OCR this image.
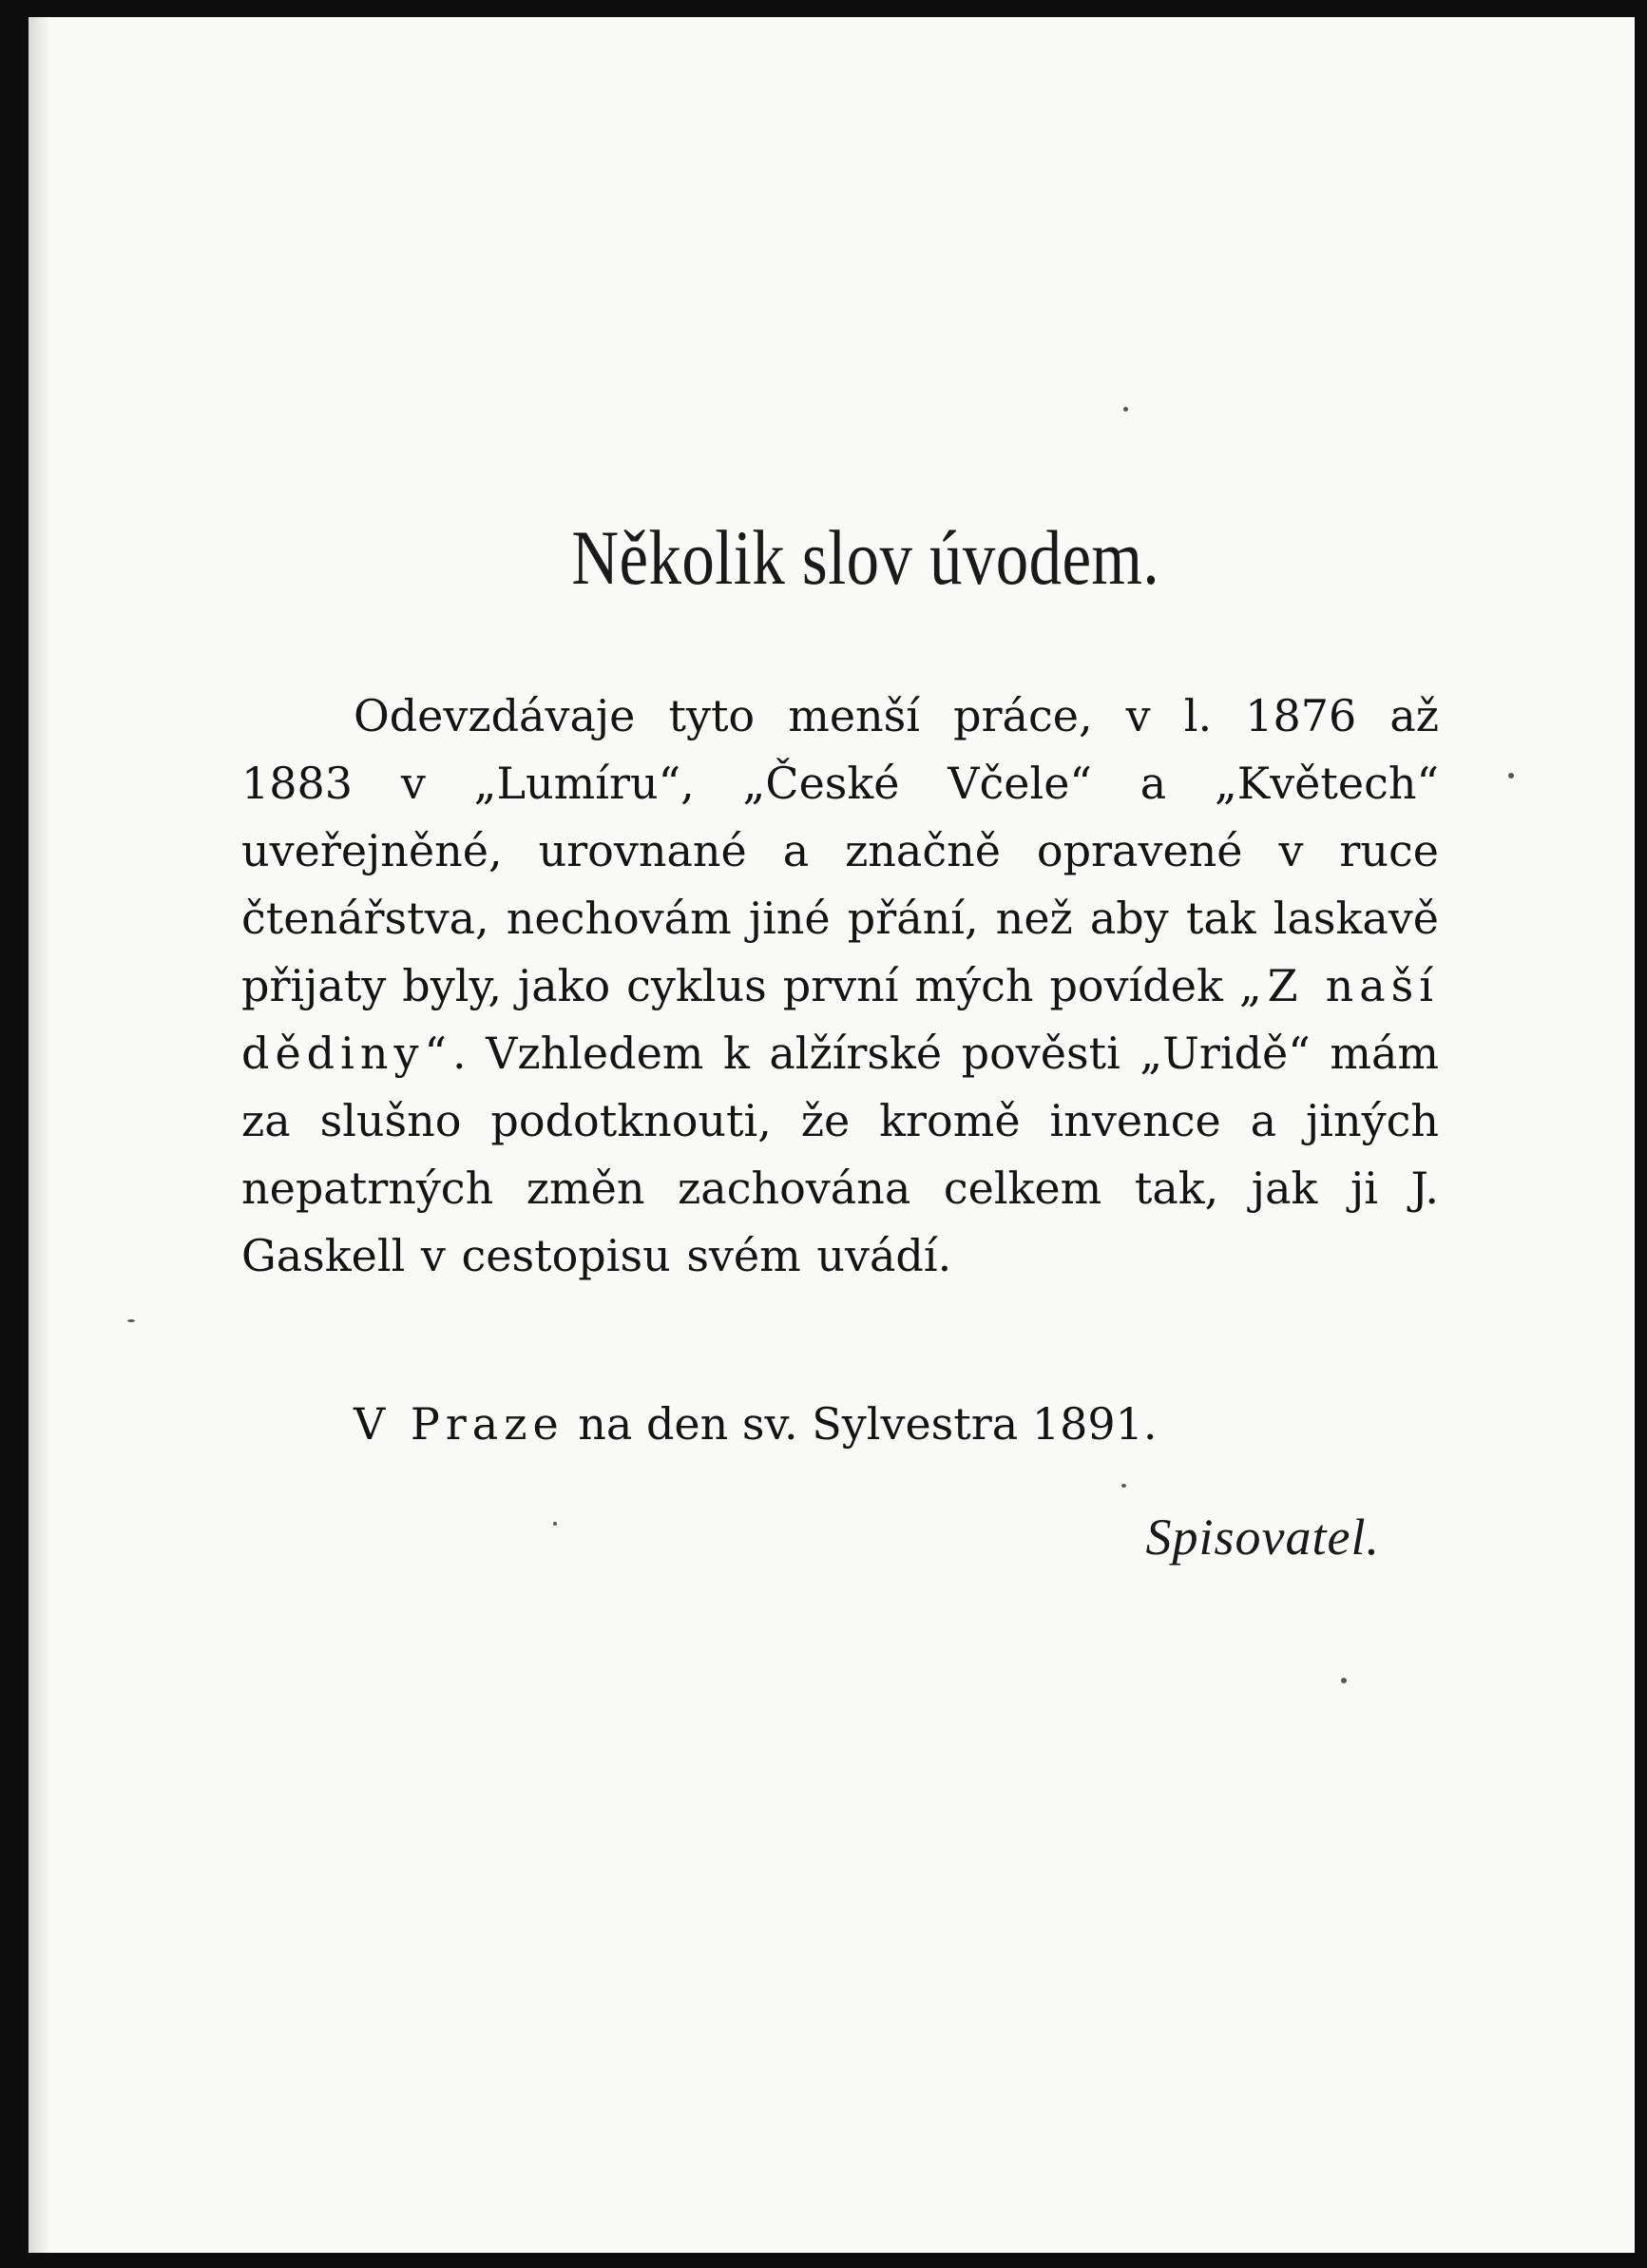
Několik slov úvodem.

Odevzdávaje tyto menší práce, v l. 1876 až 1883 v „Lumíru“, „České Včele“ a „Květech“ uveřejněné, urovnané a značně opravené v ruce čtenářstva, nechovám jiné přání, než aby tak laskavě přijaty byly, jako cyklus první mých povídek „Z naší dědiny“. Vzhledem k alžírské pověsti „Uridě“ mám za slušno podotknouti, že kromě invence a jiných nepatrných změn zachována celkem tak, jak ji J. Gaskell v cestopisu svém uvádí.

V Praze na den sv. Sylvestra 1891.

Spisovatel.
